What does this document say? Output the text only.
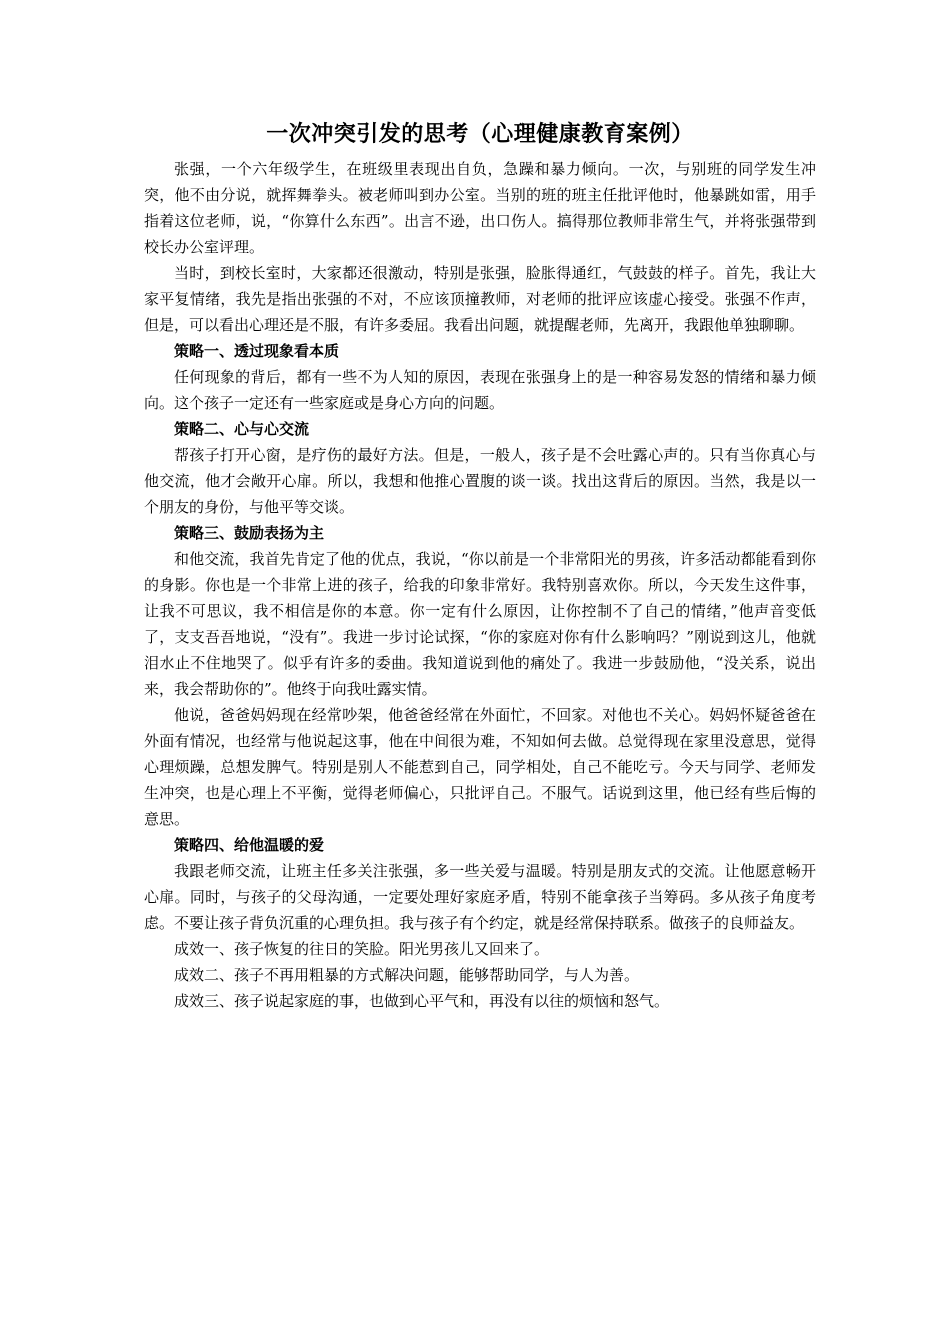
一次冲突引发的思考（心理健康教育案例）

张强，一个六年级学生，在班级里表现出自负，急躁和暴力倾向。一次，与别班的同学发生冲突，他不由分说，就挥舞拳头。被老师叫到办公室。当别的班的班主任批评他时，他暴跳如雷，用手指着这位老师，说，“你算什么东西”。出言不逊，出口伤人。搞得那位教师非常生气，并将张强带到校长办公室评理。

当时，到校长室时，大家都还很激动，特别是张强，脸胀得通红，气鼓鼓的样子。首先，我让大家平复情绪，我先是指出张强的不对，不应该顶撞教师，对老师的批评应该虚心接受。张强不作声，但是，可以看出心理还是不服，有许多委屈。我看出问题，就提醒老师，先离开，我跟他单独聊聊。

策略一、透过现象看本质

任何现象的背后，都有一些不为人知的原因，表现在张强身上的是一种容易发怒的情绪和暴力倾向。这个孩子一定还有一些家庭或是身心方向的问题。

策略二、心与心交流

帮孩子打开心窗，是疗伤的最好方法。但是，一般人，孩子是不会吐露心声的。只有当你真心与他交流，他才会敞开心扉。所以，我想和他推心置腹的谈一谈。找出这背后的原因。当然，我是以一个朋友的身份，与他平等交谈。

策略三、鼓励表扬为主

和他交流，我首先肯定了他的优点，我说，“你以前是一个非常阳光的男孩，许多活动都能看到你的身影。你也是一个非常上进的孩子，给我的印象非常好。我特别喜欢你。所以，今天发生这件事，让我不可思议，我不相信是你的本意。你一定有什么原因，让你控制不了自己的情绪，”他声音变低了，支支吾吾地说，“没有”。我进一步讨论试探，“你的家庭对你有什么影响吗？”刚说到这儿，他就泪水止不住地哭了。似乎有许多的委曲。我知道说到他的痛处了。我进一步鼓励他，“没关系，说出来，我会帮助你的”。他终于向我吐露实情。

他说，爸爸妈妈现在经常吵架，他爸爸经常在外面忙，不回家。对他也不关心。妈妈怀疑爸爸在外面有情况，也经常与他说起这事，他在中间很为难，不知如何去做。总觉得现在家里没意思，觉得心理烦躁，总想发脾气。特别是别人不能惹到自己，同学相处，自己不能吃亏。今天与同学、老师发生冲突，也是心理上不平衡，觉得老师偏心，只批评自己。不服气。话说到这里，他已经有些后悔的意思。

策略四、给他温暖的爱

我跟老师交流，让班主任多关注张强，多一些关爱与温暖。特别是朋友式的交流。让他愿意畅开心扉。同时，与孩子的父母沟通，一定要处理好家庭矛盾，特别不能拿孩子当筹码。多从孩子角度考虑。不要让孩子背负沉重的心理负担。我与孩子有个约定，就是经常保持联系。做孩子的良师益友。

成效一、孩子恢复的往日的笑脸。阳光男孩儿又回来了。

成效二、孩子不再用粗暴的方式解决问题，能够帮助同学，与人为善。

成效三、孩子说起家庭的事，也做到心平气和，再没有以往的烦恼和怒气。
